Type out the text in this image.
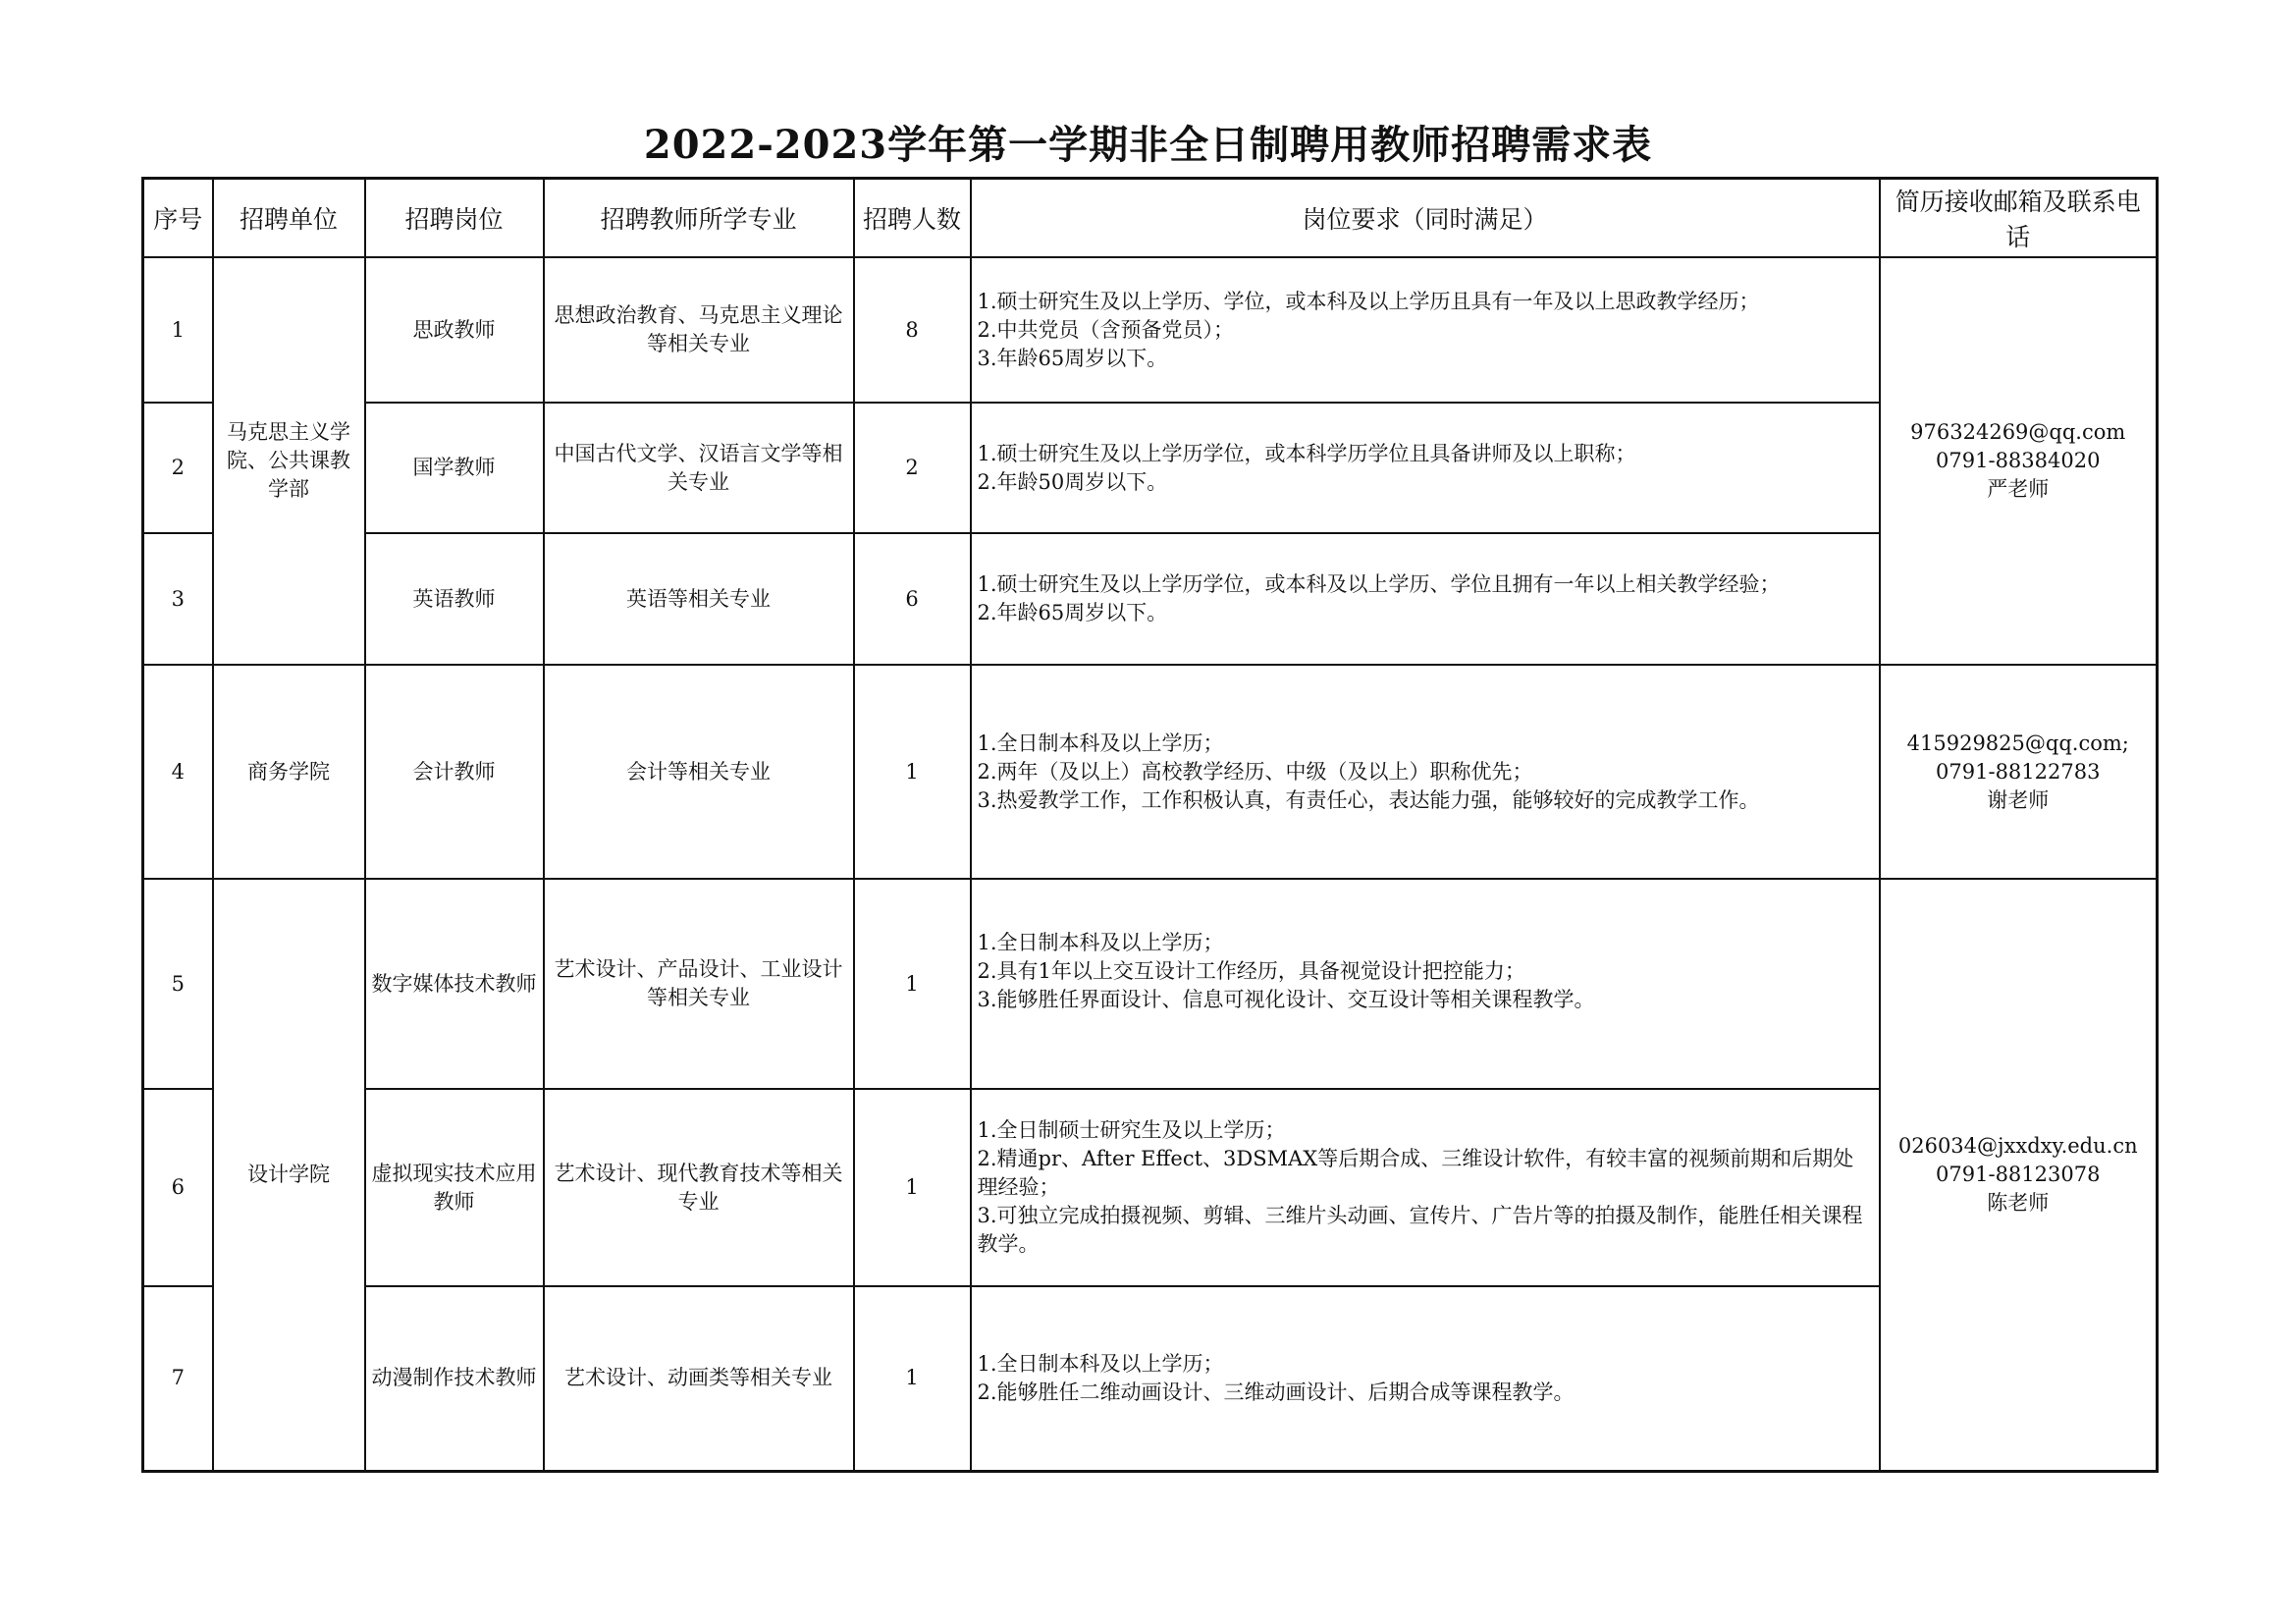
2022-2023学年第一学期非全日制聘用教师招聘需求表
序号	招聘单位	招聘岗位	招聘教师所学专业	招聘人数	岗位要求（同时满足）	简历接收邮箱及联系电话
1	马克思主义学院、公共课教学部	思政教师	思想政治教育、马克思主义理论等相关专业	8	1.硕士研究生及以上学历、学位，或本科及以上学历且具有一年及以上思政教学经历；
2.中共党员（含预备党员）；
3.年龄65周岁以下。	976324269@qq.com
0791-88384020
严老师

2		国学教师	中国古代文学、汉语言文学等相关专业	2	1.硕士研究生及以上学历学位，或本科学历学位且具备讲师及以上职称；
2.年龄50周岁以下。	

3		英语教师	英语等相关专业	6	1.硕士研究生及以上学历学位，或本科及以上学历、学位且拥有一年以上相关教学经验；
2.年龄65周岁以下。	

4	商务学院	会计教师	会计等相关专业	1	1.全日制本科及以上学历；
2.两年（及以上）高校教学经历、中级（及以上）职称优先；
3.热爱教学工作，工作积极认真，有责任心，表达能力强，能够较好的完成教学工作。	415929825@qq.com;
0791-88122783
谢老师

5	设计学院	数字媒体技术教师	艺术设计、产品设计、工业设计等相关专业	1	1.全日制本科及以上学历；
2.具有1年以上交互设计工作经历，具备视觉设计把控能力；
3.能够胜任界面设计、信息可视化设计、交互设计等相关课程教学。	026034@jxxdxy.edu.cn
0791-88123078
陈老师

6		虚拟现实技术应用教师	艺术设计、现代教育技术等相关专业	1	1.全日制硕士研究生及以上学历；
2.精通pr、After Effect、3DSMAX等后期合成、三维设计软件，有较丰富的视频前期和后期处理经验；
3.可独立完成拍摄视频、剪辑、三维片头动画、宣传片、广告片等的拍摄及制作，能胜任相关课程教学。	

7		动漫制作技术教师	艺术设计、动画类等相关专业	1	1.全日制本科及以上学历；
2.能够胜任二维动画设计、三维动画设计、后期合成等课程教学。	
